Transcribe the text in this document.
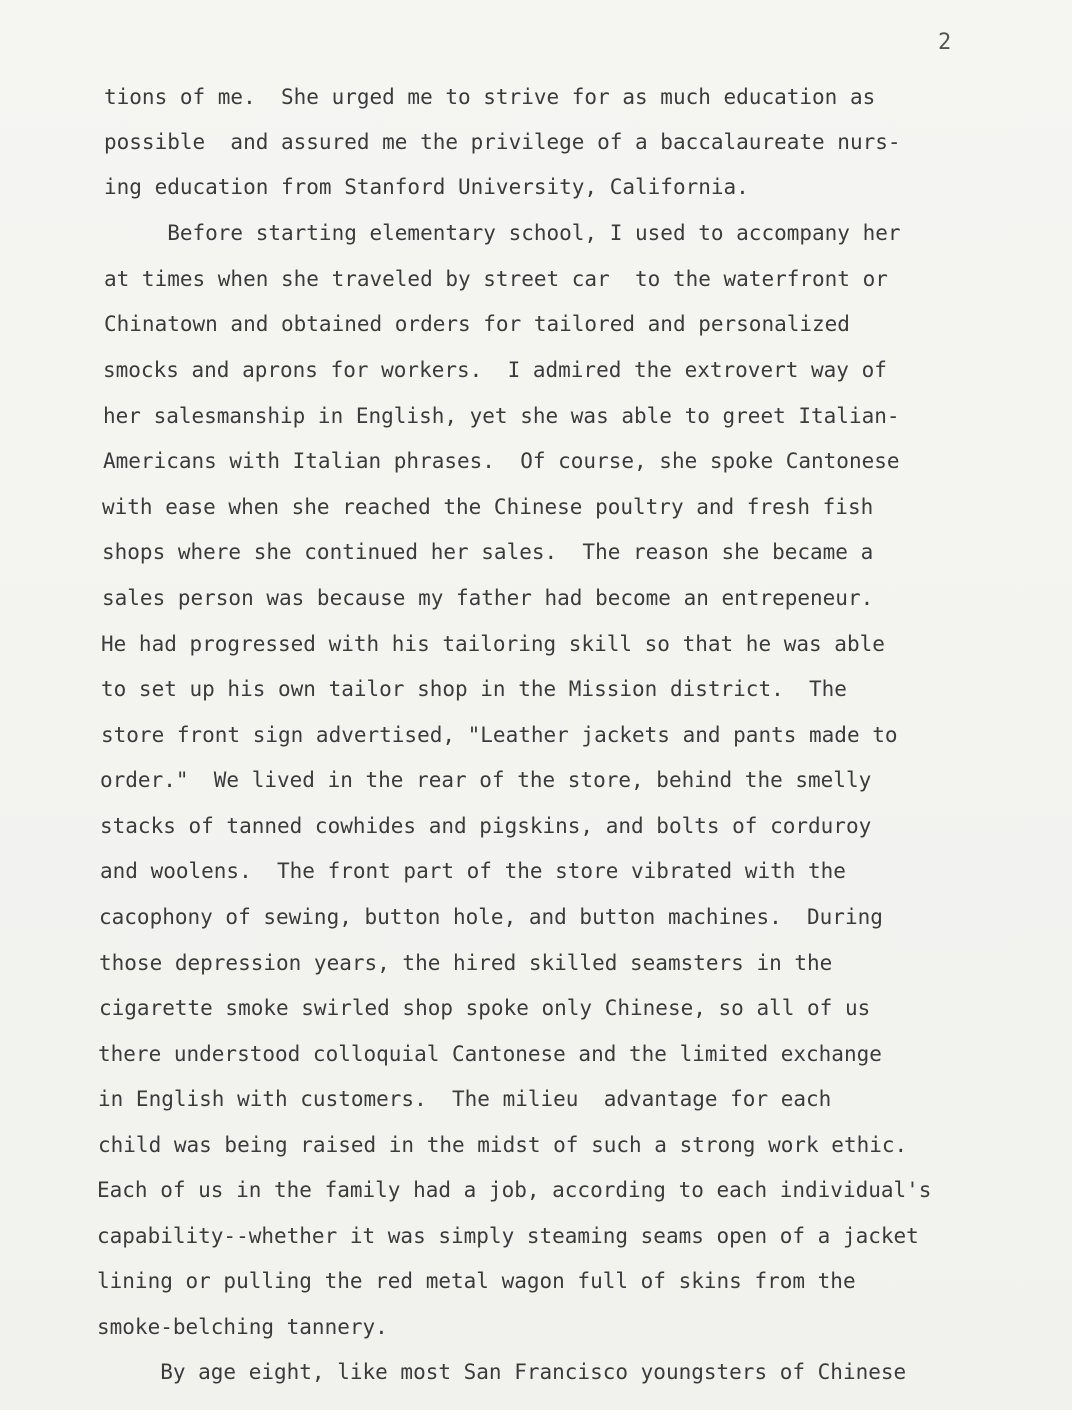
2
tions of me.  She urged me to strive for as much education as
possible  and assured me the privilege of a baccalaureate nurs-
ing education from Stanford University, California.
Before starting elementary school, I used to accompany her
at times when she traveled by street car  to the waterfront or
Chinatown and obtained orders for tailored and personalized
smocks and aprons for workers.  I admired the extrovert way of
her salesmanship in English, yet she was able to greet Italian-
Americans with Italian phrases.  Of course, she spoke Cantonese
with ease when she reached the Chinese poultry and fresh fish
shops where she continued her sales.  The reason she became a
sales person was because my father had become an entrepeneur.
He had progressed with his tailoring skill so that he was able
to set up his own tailor shop in the Mission district.  The
store front sign advertised, "Leather jackets and pants made to
order."  We lived in the rear of the store, behind the smelly
stacks of tanned cowhides and pigskins, and bolts of corduroy
and woolens.  The front part of the store vibrated with the
cacophony of sewing, button hole, and button machines.  During
those depression years, the hired skilled seamsters in the
cigarette smoke swirled shop spoke only Chinese, so all of us
there understood colloquial Cantonese and the limited exchange
in English with customers.  The milieu  advantage for each
child was being raised in the midst of such a strong work ethic.
Each of us in the family had a job, according to each individual's
capability--whether it was simply steaming seams open of a jacket
lining or pulling the red metal wagon full of skins from the
smoke-belching tannery.
By age eight, like most San Francisco youngsters of Chinese
